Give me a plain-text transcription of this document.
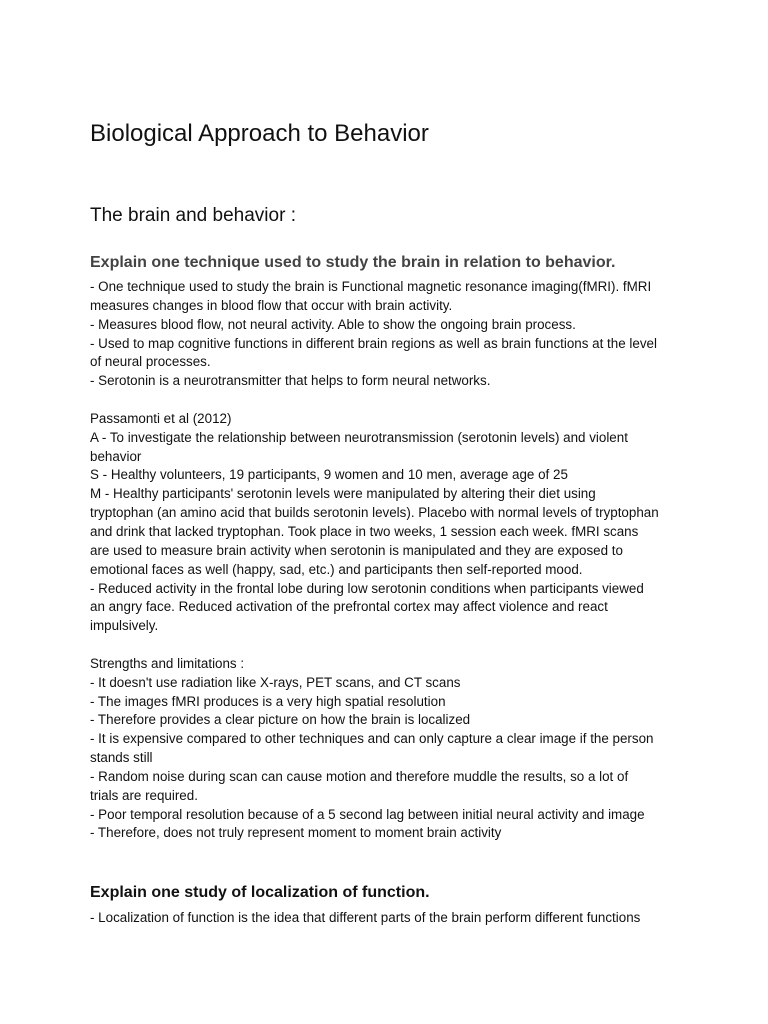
Biological Approach to Behavior
The brain and behavior :
Explain one technique used to study the brain in relation to behavior.

- One technique used to study the brain is Functional magnetic resonance imaging(fMRI). fMRI

measures changes in blood flow that occur with brain activity.

- Measures blood flow, not neural activity. Able to show the ongoing brain process.

- Used to map cognitive functions in different brain regions as well as brain functions at the level

of neural processes.

- Serotonin is a neurotransmitter that helps to form neural networks.

Passamonti et al (2012)

A - To investigate the relationship between neurotransmission (serotonin levels) and violent

behavior

S - Healthy volunteers, 19 participants, 9 women and 10 men, average age of 25

M - Healthy participants' serotonin levels were manipulated by altering their diet using

tryptophan (an amino acid that builds serotonin levels). Placebo with normal levels of tryptophan

and drink that lacked tryptophan. Took place in two weeks, 1 session each week. fMRI scans

are used to measure brain activity when serotonin is manipulated and they are exposed to

emotional faces as well (happy, sad, etc.) and participants then self-reported mood.

- Reduced activity in the frontal lobe during low serotonin conditions when participants viewed

an angry face. Reduced activation of the prefrontal cortex may affect violence and react

impulsively.

Strengths and limitations :

- It doesn't use radiation like X-rays, PET scans, and CT scans

- The images fMRI produces is a very high spatial resolution

- Therefore provides a clear picture on how the brain is localized

- It is expensive compared to other techniques and can only capture a clear image if the person

stands still

- Random noise during scan can cause motion and therefore muddle the results, so a lot of

trials are required.

- Poor temporal resolution because of a 5 second lag between initial neural activity and image

- Therefore, does not truly represent moment to moment brain activity

Explain one study of localization of function.

- Localization of function is the idea that different parts of the brain perform different functions
